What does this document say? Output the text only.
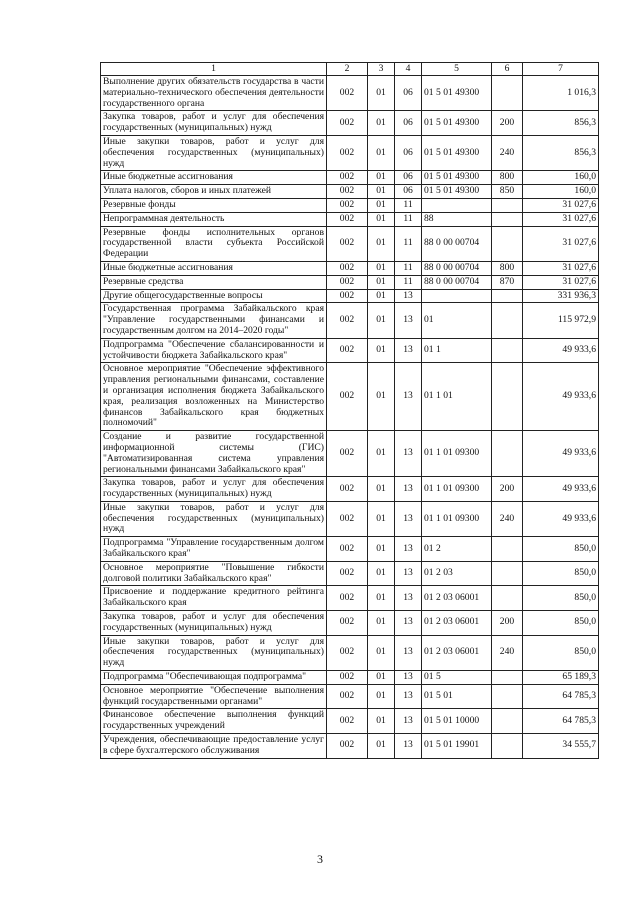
1	2	3	4	5	6	7
Выполнение других обязательств государства в части материально-технического обеспечения деятельности государственного органа	002	01	06	01 5 01 49300		1 016,3
Закупка товаров, работ и услуг для обеспечения государственных (муниципальных) нужд	002	01	06	01 5 01 49300	200	856,3
Иные закупки товаров, работ и услуг для обеспечения государственных (муниципальных) нужд	002	01	06	01 5 01 49300	240	856,3
Иные бюджетные ассигнования	002	01	06	01 5 01 49300	800	160,0
Уплата налогов, сборов и иных платежей	002	01	06	01 5 01 49300	850	160,0
Резервные фонды	002	01	11			31 027,6
Непрограммная деятельность	002	01	11	88		31 027,6
Резервные фонды исполнительных органов государственной власти субъекта Российской Федерации	002	01	11	88 0 00 00704		31 027,6
Иные бюджетные ассигнования	002	01	11	88 0 00 00704	800	31 027,6
Резервные средства	002	01	11	88 0 00 00704	870	31 027,6
Другие общегосударственные вопросы	002	01	13			331 936,3
Государственная программа Забайкальского края "Управление государственными финансами и государственным долгом на 2014–2020 годы"	002	01	13	01		115 972,9
Подпрограмма "Обеспечение сбалансированности и устойчивости бюджета Забайкальского края"	002	01	13	01 1		49 933,6
Основное мероприятие "Обеспечение эффективного управления региональными финансами, составление и организация исполнения бюджета Забайкальского края, реализация возложенных на Министерство финансов Забайкальского края бюджетных полномочий"	002	01	13	01 1 01		49 933,6
Создание и развитие государственной информационной системы (ГИС) "Автоматизированная система управления региональными финансами Забайкальского края"	002	01	13	01 1 01 09300		49 933,6
Закупка товаров, работ и услуг для обеспечения государственных (муниципальных) нужд	002	01	13	01 1 01 09300	200	49 933,6
Иные закупки товаров, работ и услуг для обеспечения государственных (муниципальных) нужд	002	01	13	01 1 01 09300	240	49 933,6
Подпрограмма "Управление государственным долгом Забайкальского края"	002	01	13	01 2		850,0
Основное мероприятие "Повышение гибкости долговой политики Забайкальского края"	002	01	13	01 2 03		850,0
Присвоение и поддержание кредитного рейтинга Забайкальского края	002	01	13	01 2 03 06001		850,0
Закупка товаров, работ и услуг для обеспечения государственных (муниципальных) нужд	002	01	13	01 2 03 06001	200	850,0
Иные закупки товаров, работ и услуг для обеспечения государственных (муниципальных) нужд	002	01	13	01 2 03 06001	240	850,0
Подпрограмма "Обеспечивающая подпрограмма"	002	01	13	01 5		65 189,3
Основное мероприятие "Обеспечение выполнения функций государственными органами"	002	01	13	01 5 01		64 785,3
Финансовое обеспечение выполнения функций государственных учреждений	002	01	13	01 5 01 10000		64 785,3
Учреждения, обеспечивающие предоставление услуг в сфере бухгалтерского обслуживания	002	01	13	01 5 01 19901		34 555,7
3
